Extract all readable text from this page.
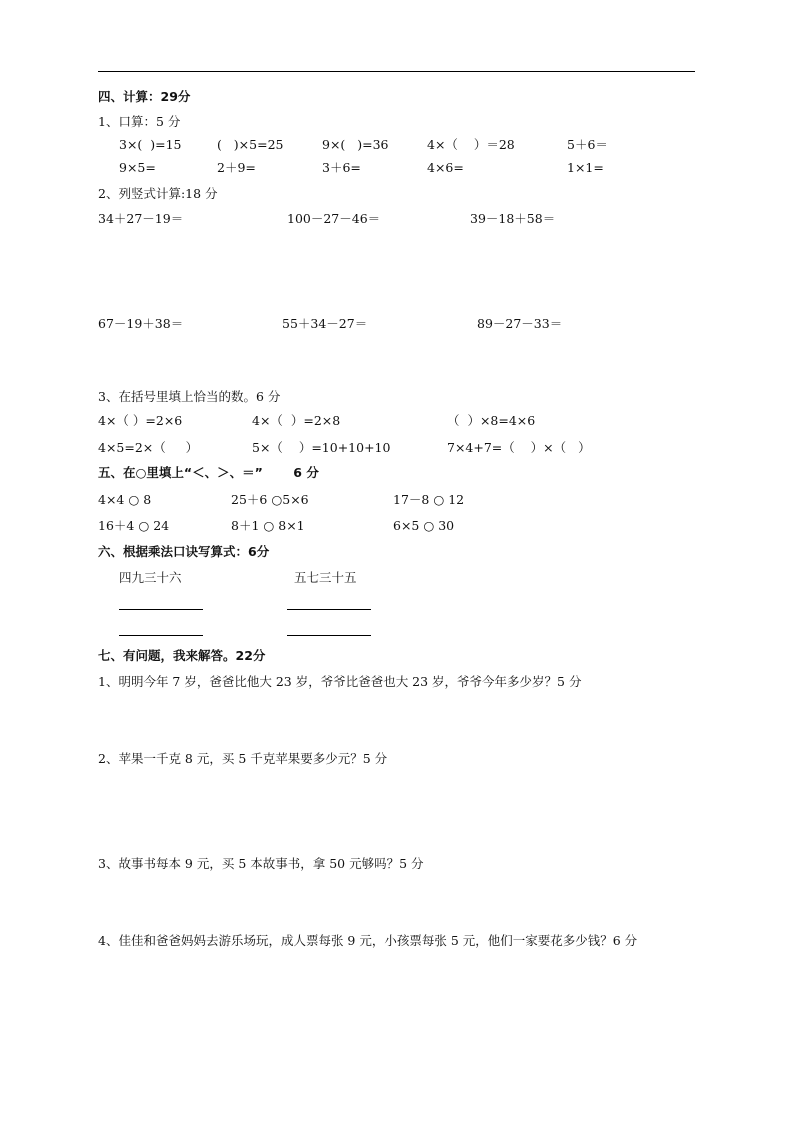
四、计算：29分
1、口算：5 分
3×(  )=15	(   )×5=25	9×(   )=36	4×（    ）＝28	5＋6＝
9×5=	2＋9=	3＋6=	4×6=	1×1=
2、列竖式计算:18 分
34＋27－19＝	100－27－46＝	39－18＋58＝
67－19＋38＝	55＋34－27＝	89－27－33＝
3、在括号里填上恰当的数。6 分
4×（ ）=2×6	4×（  ）=2×8	（  ）×8=4×6
4×5=2×（     ）	5×（    ）=10+10+10	7×4+7=（    ）×（   ）
五、在○里填上“＜、＞、＝”       6 分
4×4 ○ 8	25＋6 ○5×6	17－8 ○ 12
16＋4 ○ 24	8＋1 ○ 8×1	6×5 ○ 30
六、根据乘法口诀写算式：6分
四九三十六	五七三十五
七、有问题，我来解答。22分
1、明明今年 7 岁，爸爸比他大 23 岁，爷爷比爸爸也大 23 岁，爷爷今年多少岁？5 分
2、苹果一千克 8 元，买 5 千克苹果要多少元？5 分
3、故事书每本 9 元，买 5 本故事书，拿 50 元够吗？5 分
4、佳佳和爸爸妈妈去游乐场玩，成人票每张 9 元，小孩票每张 5 元，他们一家要花多少钱？6 分
